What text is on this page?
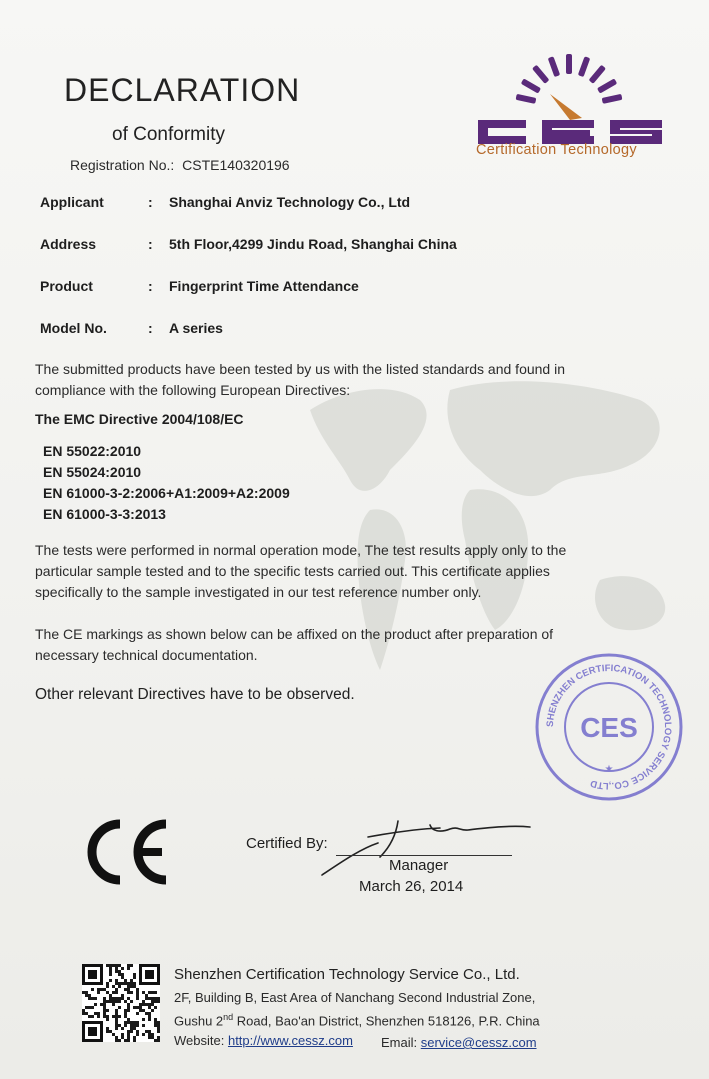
DECLARATION
of Conformity
Registration No.: CSTE140320196
Certification Technology
Applicant	: Shanghai Anviz Technology Co., Ltd
Address	: 5th Floor,4299 Jindu Road, Shanghai China
Product	: Fingerprint Time Attendance
Model No.	: A series
The submitted products have been tested by us with the listed standards and found in compliance with the following European Directives:
The EMC Directive 2004/108/EC
EN 55022:2010
EN 55024:2010
EN 61000-3-2:2006+A1:2009+A2:2009
EN 61000-3-3:2013
The tests were performed in normal operation mode, The test results apply only to the particular sample tested and to the specific tests carried out. This certificate applies specifically to the sample investigated in our test reference number only.
The CE markings as shown below can be affixed on the product after preparation of necessary technical documentation.
Other relevant Directives have to be observed.
SHENZHEN CERTIFICATION TECHNOLOGY SERVICE CO.,LTD
CES
★
Certified By:
Manager
March 26, 2014
Shenzhen Certification Technology Service Co., Ltd.
2F, Building B, East Area of Nanchang Second Industrial Zone,
Gushu 2nd Road, Bao'an District, Shenzhen 518126, P.R. China
Website: http://www.cessz.com Email: service@cessz.com
